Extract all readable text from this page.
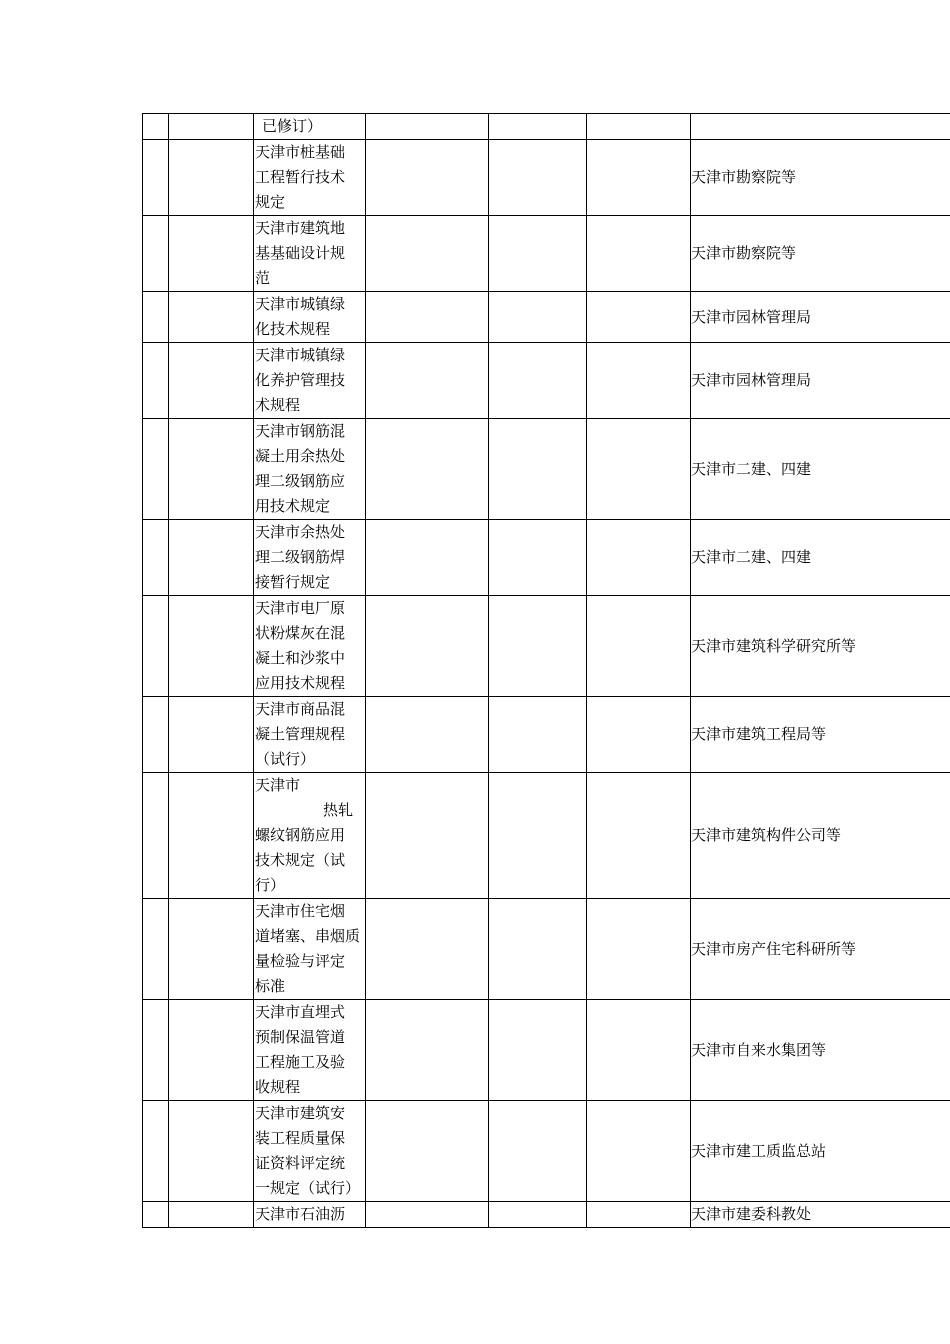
		已修订）				

		天津市桩基础
工程暂行技术
规定				天津市勘察院等

		天津市建筑地
基基础设计规
范				天津市勘察院等

		天津市城镇绿
化技术规程				天津市园林管理局

		天津市城镇绿
化养护管理技
术规程				天津市园林管理局

		天津市钢筋混
凝土用余热处
理二级钢筋应
用技术规定				天津市二建、四建

		天津市余热处
理二级钢筋焊
接暂行规定				天津市二建、四建

		天津市电厂原
状粉煤灰在混
凝土和沙浆中
应用技术规程				天津市建筑科学研究所等

		天津市商品混
凝土管理规程
（试行）				天津市建筑工程局等

		天津市
热轧
螺纹钢筋应用
技术规定（试
行）				天津市建筑构件公司等

		天津市住宅烟
道堵塞、串烟质
量检验与评定
标准				天津市房产住宅科研所等

		天津市直埋式
预制保温管道
工程施工及验
收规程				天津市自来水集团等

		天津市建筑安
装工程质量保
证资料评定统
一规定（试行）				天津市建工质监总站

		天津市石油沥				天津市建委科教处
